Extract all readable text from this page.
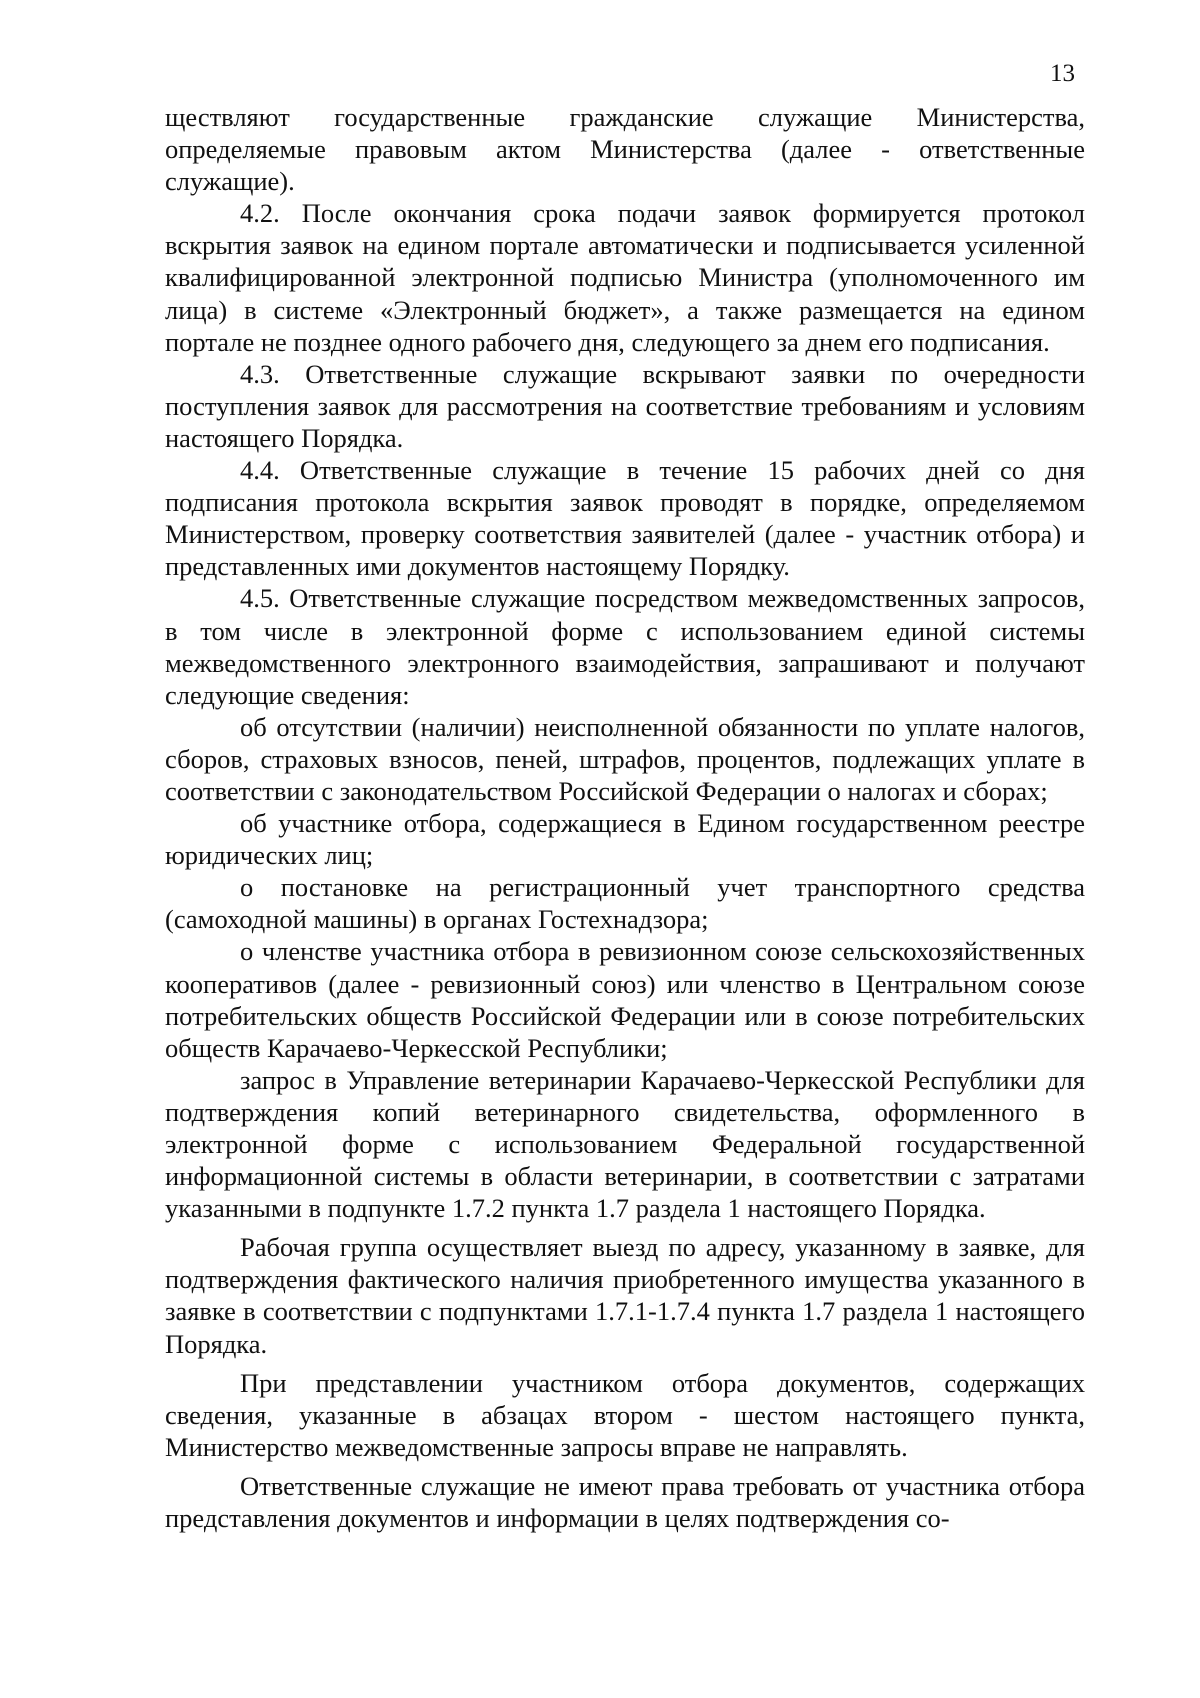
13

ществляют государственные гражданские служащие Министерства, определяемые правовым актом Министерства (далее - ответственные служащие).

4.2. После окончания срока подачи заявок формируется протокол вскрытия заявок на едином портале автоматически и подписывается усиленной квалифицированной электронной подписью Министра (уполномоченного им лица) в системе «Электронный бюджет», а также размещается на едином портале не позднее одного рабочего дня, следующего за днем его подписания.

4.3. Ответственные служащие вскрывают заявки по очередности поступления заявок для рассмотрения на соответствие требованиям и условиям настоящего Порядка.

4.4. Ответственные служащие в течение 15 рабочих дней со дня подписания протокола вскрытия заявок проводят в порядке, определяемом Министерством, проверку соответствия заявителей (далее - участник отбора) и представленных ими документов настоящему Порядку.

4.5. Ответственные служащие посредством межведомственных запросов, в том числе в электронной форме с использованием единой системы межведомственного электронного взаимодействия, запрашивают и получают следующие сведения:

об отсутствии (наличии) неисполненной обязанности по уплате налогов, сборов, страховых взносов, пеней, штрафов, процентов, подлежащих уплате в соответствии с законодательством Российской Федерации о налогах и сборах;

об участнике отбора, содержащиеся в Едином государственном реестре юридических лиц;

о постановке на регистрационный учет транспортного средства (самоходной машины) в органах Гостехнадзора;

о членстве участника отбора в ревизионном союзе сельскохозяйственных кооперативов (далее - ревизионный союз) или членство в Центральном союзе потребительских обществ Российской Федерации или в союзе потребительских обществ Карачаево-Черкесской Республики;

запрос в Управление ветеринарии Карачаево-Черкесской Республики для подтверждения копий ветеринарного свидетельства, оформленного в электронной форме с использованием Федеральной государственной информационной системы в области ветеринарии, в соответствии с затратами указанными в подпункте 1.7.2 пункта 1.7 раздела 1 настоящего Порядка.

Рабочая группа осуществляет выезд по адресу, указанному в заявке, для подтверждения фактического наличия приобретенного имущества указанного в заявке в соответствии с подпунктами 1.7.1-1.7.4 пункта 1.7 раздела 1 настоящего Порядка.

При представлении участником отбора документов, содержащих сведения, указанные в абзацах втором - шестом настоящего пункта, Министерство межведомственные запросы вправе не направлять.

Ответственные служащие не имеют права требовать от участника отбора представления документов и информации в целях подтверждения со-
